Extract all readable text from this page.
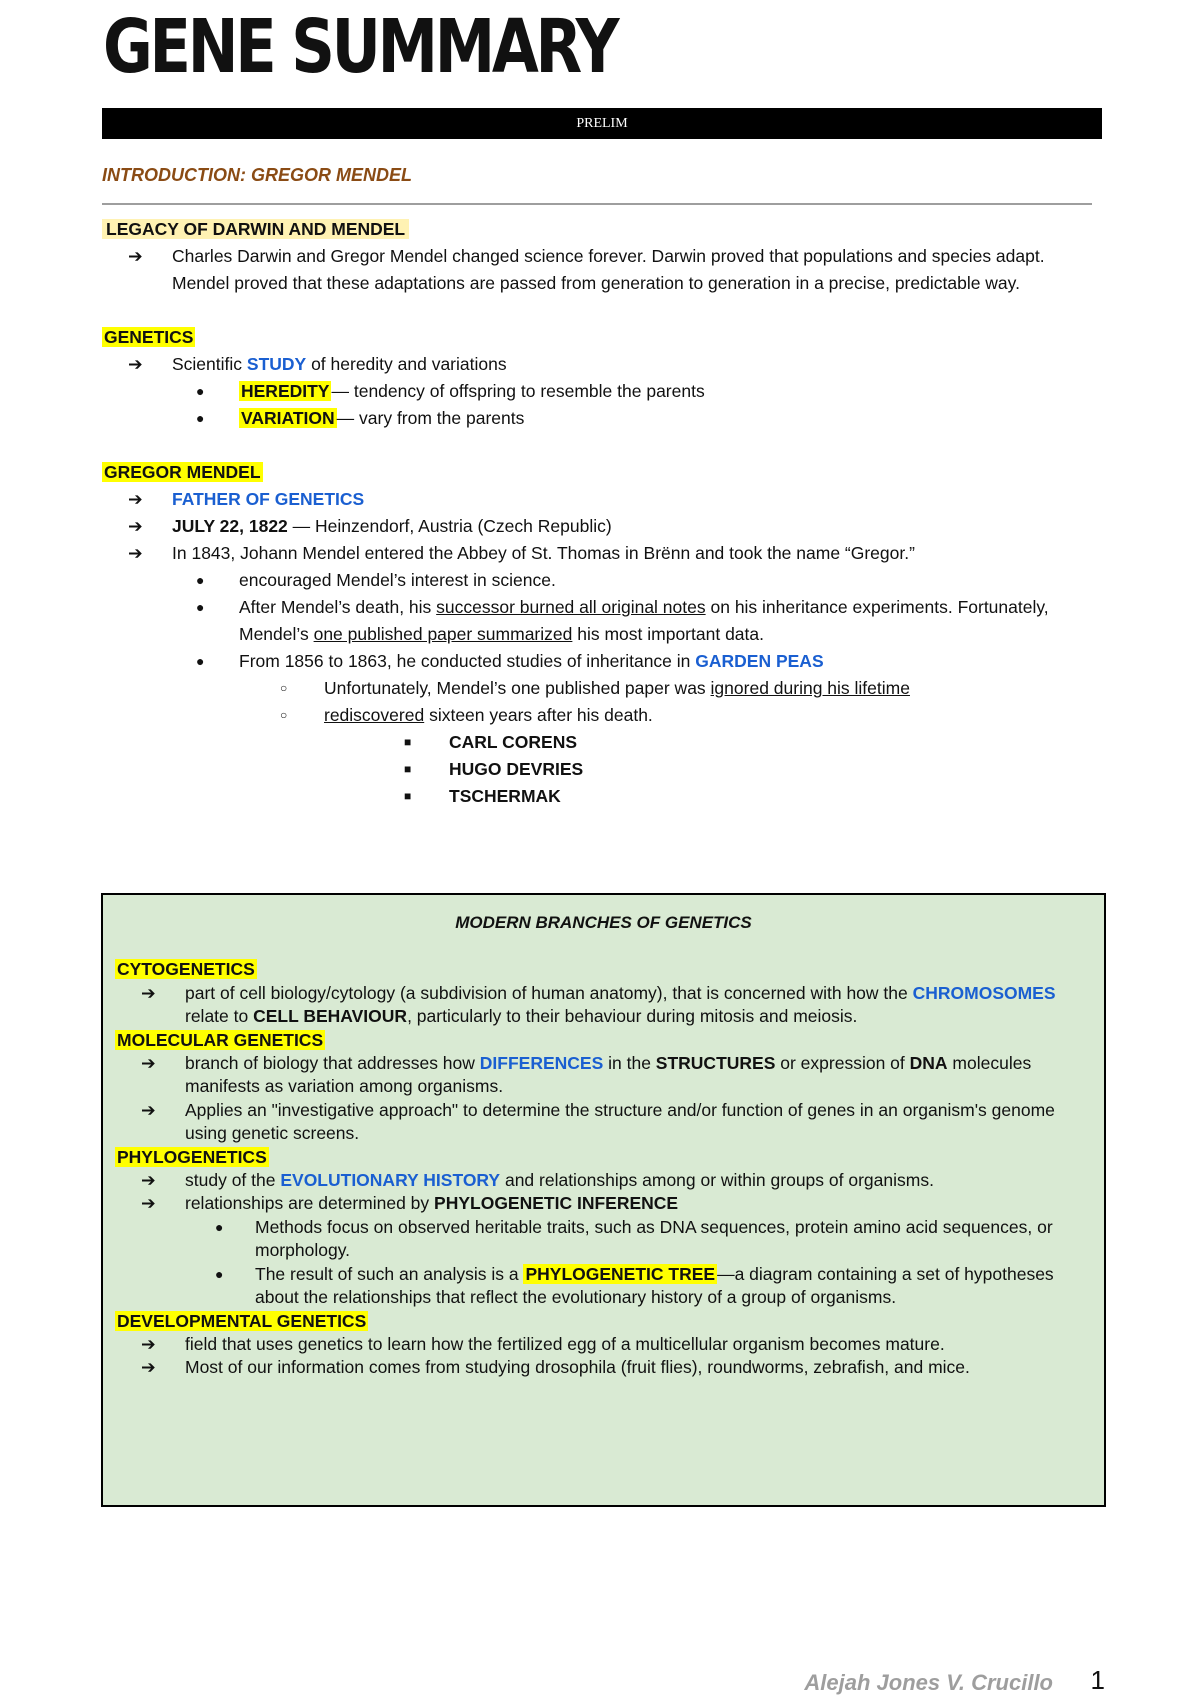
GENE SUMMARY
PRELIM
INTRODUCTION: GREGOR MENDEL

LEGACY OF DARWIN AND MENDEL

➔ Charles Darwin and Gregor Mendel changed science forever. Darwin proved that populations and species adapt. Mendel proved that these adaptations are passed from generation to generation in a precise, predictable way.

GENETICS

➔ Scientific STUDY of heredity and variations
● HEREDITY — tendency of offspring to resemble the parents
● VARIATION — vary from the parents

GREGOR MENDEL

➔ FATHER OF GENETICS
➔ JULY 22, 1822 — Heinzendorf, Austria (Czech Republic)
➔ In 1843, Johann Mendel entered the Abbey of St. Thomas in Brënn and took the name “Gregor.”
● encouraged Mendel’s interest in science.
● After Mendel’s death, his successor burned all original notes on his inheritance experiments. Fortunately, Mendel’s one published paper summarized his most important data.
● From 1856 to 1863, he conducted studies of inheritance in GARDEN PEAS
○ Unfortunately, Mendel’s one published paper was ignored during his lifetime
○ rediscovered sixteen years after his death.
■ CARL CORENS
■ HUGO DEVRIES
■ TSCHERMAK

MODERN BRANCHES OF GENETICS

CYTOGENETICS

➔ part of cell biology/cytology (a subdivision of human anatomy), that is concerned with how the CHROMOSOMES relate to CELL BEHAVIOUR, particularly to their behaviour during mitosis and meiosis.

MOLECULAR GENETICS

➔ branch of biology that addresses how DIFFERENCES in the STRUCTURES or expression of DNA molecules manifests as variation among organisms.
➔ Applies an "investigative approach" to determine the structure and/or function of genes in an organism's genome using genetic screens.

PHYLOGENETICS

➔ study of the EVOLUTIONARY HISTORY and relationships among or within groups of organisms.
➔ relationships are determined by PHYLOGENETIC INFERENCE
● Methods focus on observed heritable traits, such as DNA sequences, protein amino acid sequences, or morphology.
● The result of such an analysis is a PHYLOGENETIC TREE —a diagram containing a set of hypotheses about the relationships that reflect the evolutionary history of a group of organisms.

DEVELOPMENTAL GENETICS

➔ field that uses genetics to learn how the fertilized egg of a multicellular organism becomes mature.
➔ Most of our information comes from studying drosophila (fruit flies), roundworms, zebrafish, and mice.
Alejah Jones V. Crucillo 1
